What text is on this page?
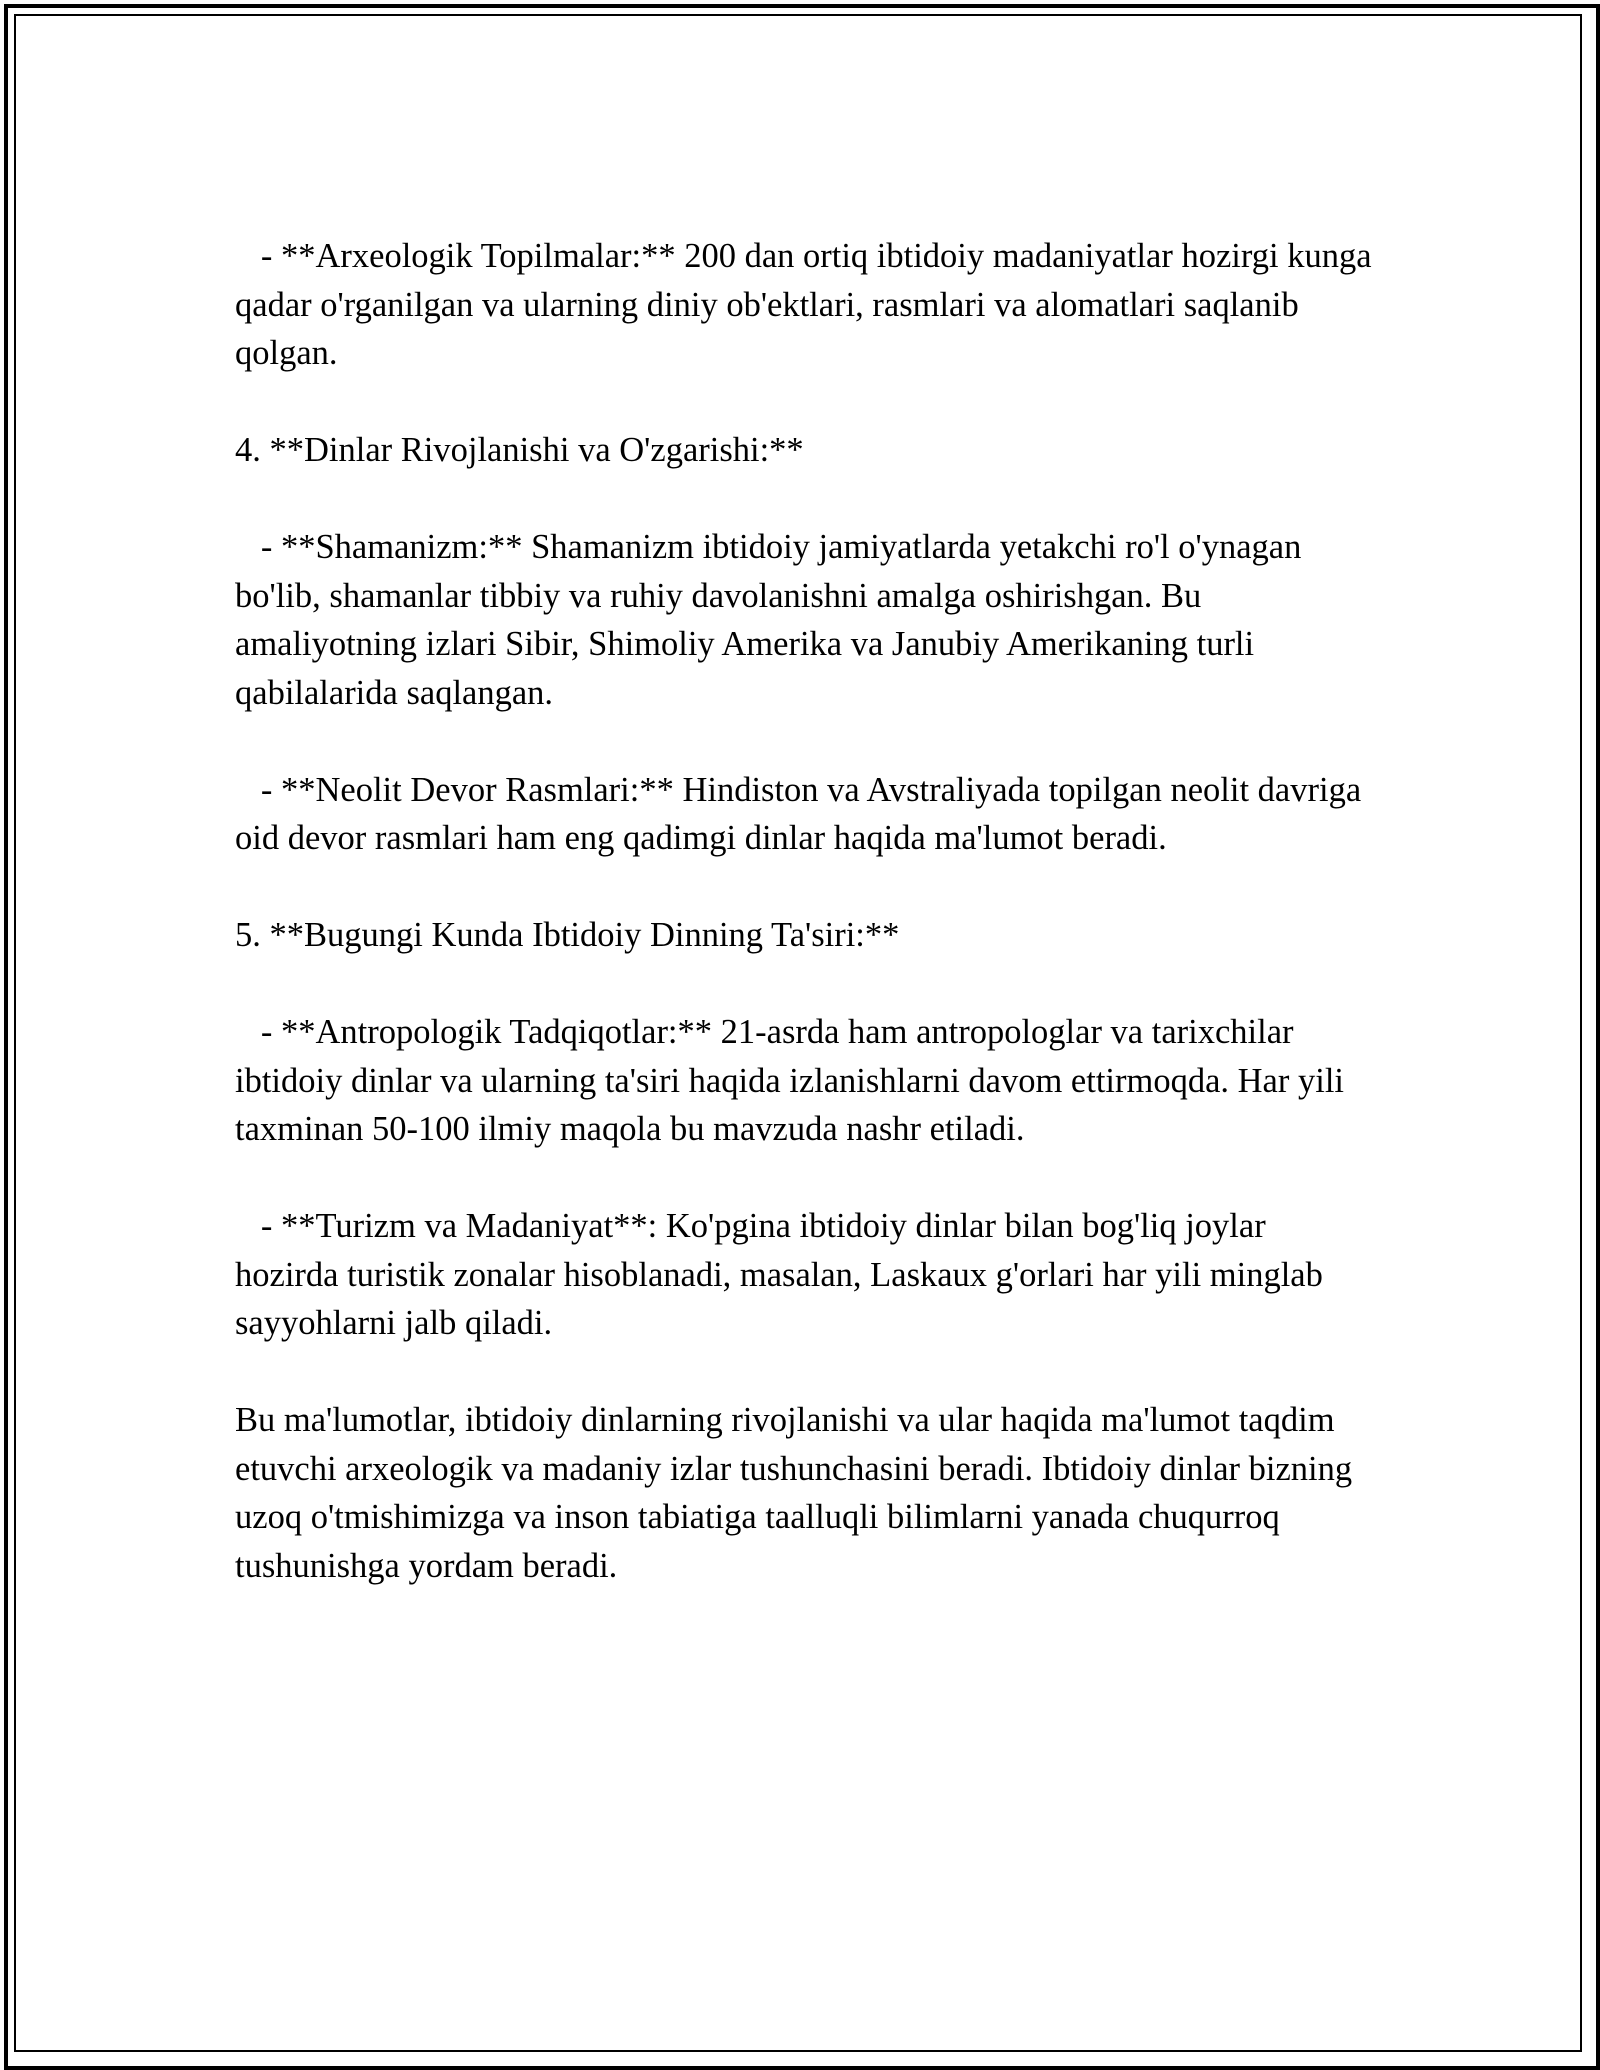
- **Arxeologik Topilmalar:** 200 dan ortiq ibtidoiy madaniyatlar hozirgi kunga qadar o'rganilgan va ularning diniy ob'ektlari, rasmlari va alomatlari saqlanib qolgan.

4. **Dinlar Rivojlanishi va O'zgarishi:**

- **Shamanizm:** Shamanizm ibtidoiy jamiyatlarda yetakchi ro'l o'ynagan bo'lib, shamanlar tibbiy va ruhiy davolanishni amalga oshirishgan. Bu amaliyotning izlari Sibir, Shimoliy Amerika va Janubiy Amerikaning turli qabilalarida saqlangan.

- **Neolit Devor Rasmlari:** Hindiston va Avstraliyada topilgan neolit davriga oid devor rasmlari ham eng qadimgi dinlar haqida ma'lumot beradi.

5. **Bugungi Kunda Ibtidoiy Dinning Ta'siri:**

- **Antropologik Tadqiqotlar:** 21-asrda ham antropologlar va tarixchilar ibtidoiy dinlar va ularning ta'siri haqida izlanishlarni davom ettirmoqda. Har yili taxminan 50-100 ilmiy maqola bu mavzuda nashr etiladi.

- **Turizm va Madaniyat**: Ko'pgina ibtidoiy dinlar bilan bog'liq joylar hozirda turistik zonalar hisoblanadi, masalan, Laskaux g'orlari har yili minglab sayyohlarni jalb qiladi.

Bu ma'lumotlar, ibtidoiy dinlarning rivojlanishi va ular haqida ma'lumot taqdim etuvchi arxeologik va madaniy izlar tushunchasini beradi. Ibtidoiy dinlar bizning uzoq o'tmishimizga va inson tabiatiga taalluqli bilimlarni yanada chuqurroq tushunishga yordam beradi.
